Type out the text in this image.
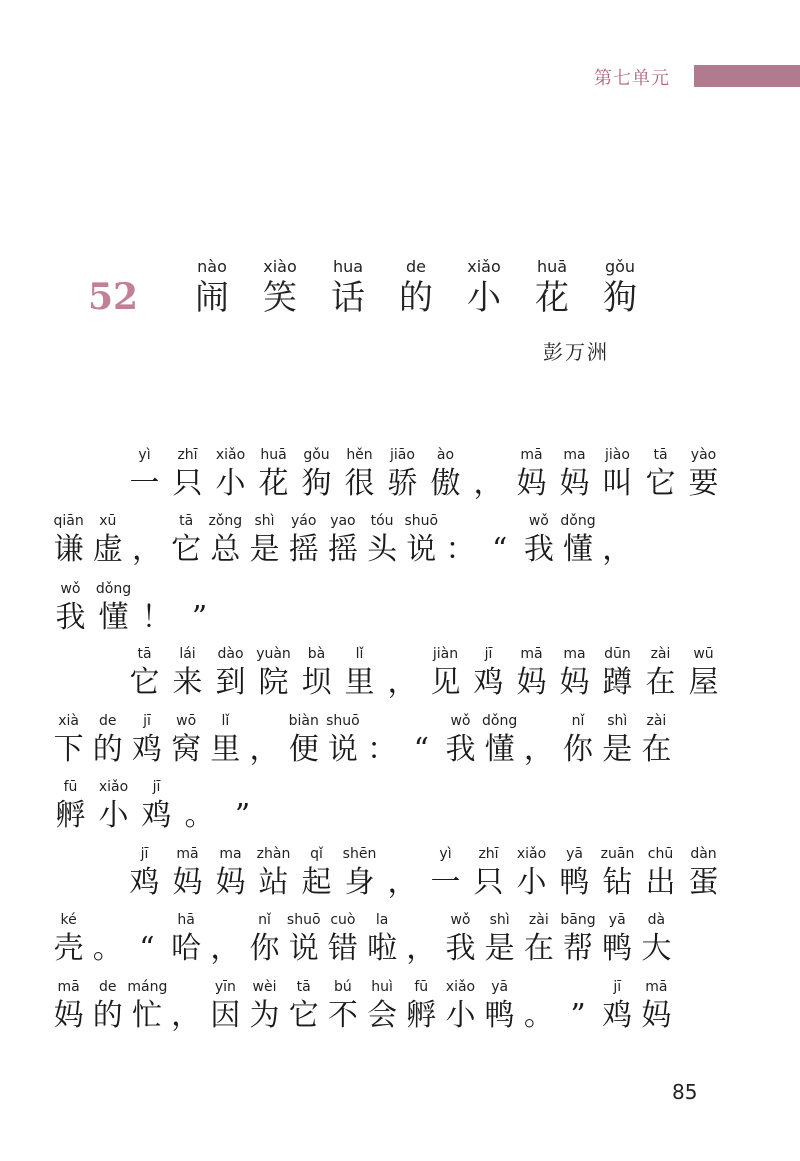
第七单元
52
nào
闹
xiào
笑
hua
话
de
的
xiǎo
小
huā
花
gǒu
狗
彭万洲
yì
一
zhī
只
xiǎo
小
huā
花
gǒu
狗
hěn
很
jiāo
骄
ào
傲 ，
mā
妈
ma
妈
jiào
叫
tā
它
yào
要
qiān
谦
xū
虚 ，
tā
它
zǒng
总
shì
是
yáo
摇
yao
摇
tóu
头
shuō
说 ： “
wǒ
我
dǒng
懂 ，
wǒ
我
dǒng
懂 ！ ”
tā
它
lái
来
dào
到
yuàn
院
bà
坝
lǐ
里 ，
jiàn
见
jī
鸡
mā
妈
ma
妈
dūn
蹲
zài
在
wū
屋
xià
下
de
的
jī
鸡
wō
窝
lǐ
里 ，
biàn
便
shuō
说 ： “
wǒ
我
dǒng
懂 ，
nǐ
你
shì
是
zài
在
fū
孵
xiǎo
小
jī
鸡 。 ”
jī
鸡
mā
妈
ma
妈
zhàn
站
qǐ
起
shēn
身 ，
yì
一
zhī
只
xiǎo
小
yā
鸭
zuān
钻
chū
出
dàn
蛋
ké
壳 。 “
hā
哈 ，
nǐ
你
shuō
说
cuò
错
la
啦 ，
wǒ
我
shì
是
zài
在
bāng
帮
yā
鸭
dà
大
mā
妈
de
的
máng
忙 ，
yīn
因
wèi
为
tā
它
bú
不
huì
会
fū
孵
xiǎo
小
yā
鸭 。 ”
jī
鸡
mā
妈
85
